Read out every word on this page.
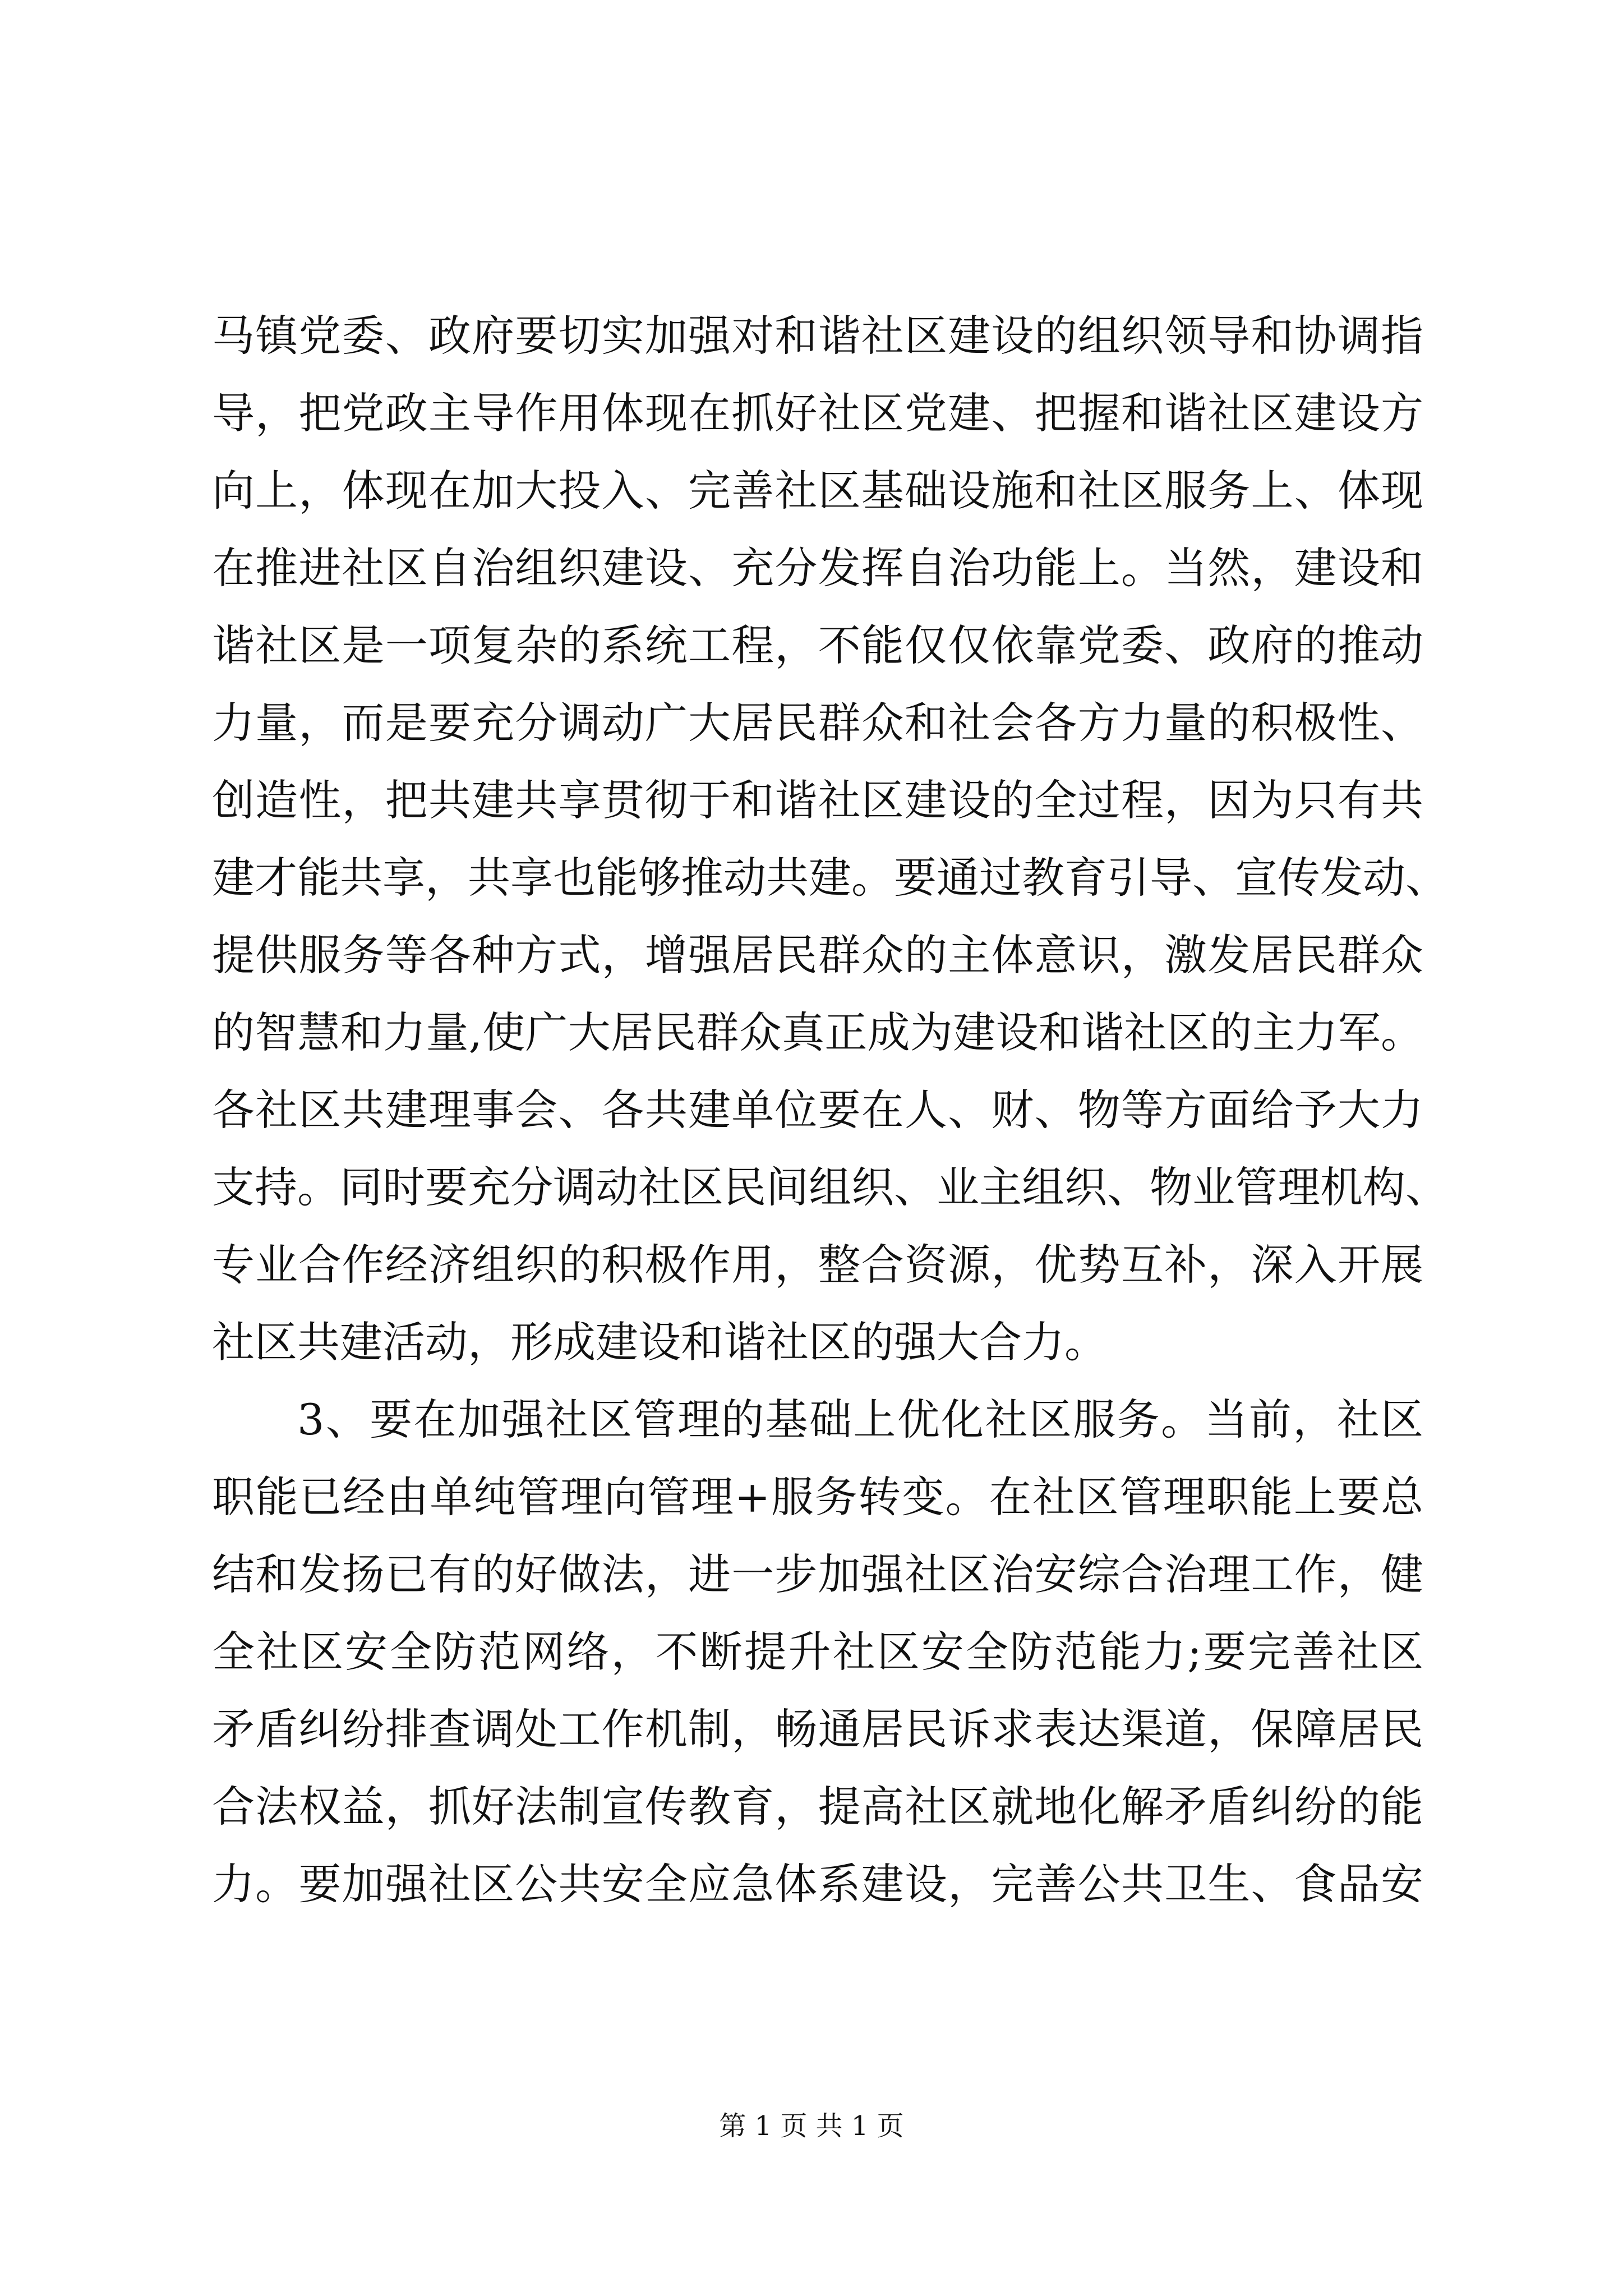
马镇党委、政府要切实加强对和谐社区建设的组织领导和协调指
导，把党政主导作用体现在抓好社区党建、把握和谐社区建设方
向上，体现在加大投入、完善社区基础设施和社区服务上、体现
在推进社区自治组织建设、充分发挥自治功能上。当然，建设和
谐社区是一项复杂的系统工程，不能仅仅依靠党委、政府的推动
力量，而是要充分调动广大居民群众和社会各方力量的积极性、
创造性，把共建共享贯彻于和谐社区建设的全过程，因为只有共
建才能共享，共享也能够推动共建。要通过教育引导、宣传发动、
提供服务等各种方式，增强居民群众的主体意识，激发居民群众
的智慧和力量,使广大居民群众真正成为建设和谐社区的主力军。
各社区共建理事会、各共建单位要在人、财、物等方面给予大力
支持。同时要充分调动社区民间组织、业主组织、物业管理机构、
专业合作经济组织的积极作用，整合资源，优势互补，深入开展
社区共建活动，形成建设和谐社区的强大合力。
3、要在加强社区管理的基础上优化社区服务。当前，社区
职能已经由单纯管理向管理+服务转变。在社区管理职能上要总
结和发扬已有的好做法，进一步加强社区治安综合治理工作，健
全社区安全防范网络，不断提升社区安全防范能力;要完善社区
矛盾纠纷排查调处工作机制，畅通居民诉求表达渠道，保障居民
合法权益，抓好法制宣传教育，提高社区就地化解矛盾纠纷的能
力。要加强社区公共安全应急体系建设，完善公共卫生、食品安
第 1 页 共 1 页
